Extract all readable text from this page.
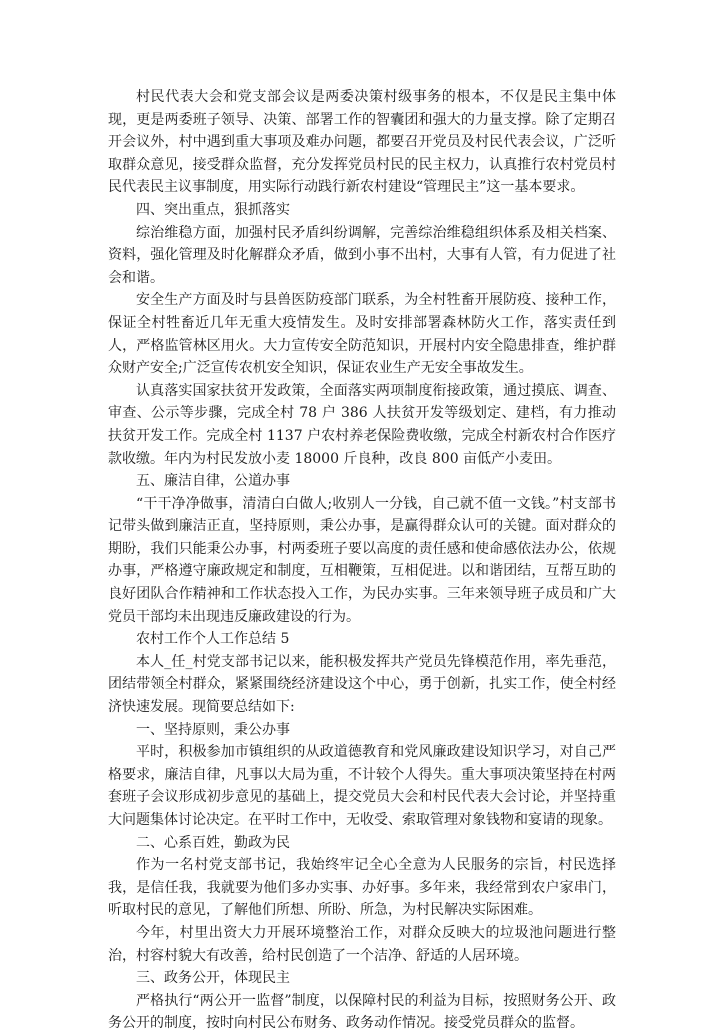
村民代表大会和党支部会议是两委决策村级事务的根本，不仅是民主集中体现，更是两委班子领导、决策、部署工作的智囊团和强大的力量支撑。除了定期召开会议外，村中遇到重大事项及难办问题，都要召开党员及村民代表会议，广泛听取群众意见，接受群众监督，充分发挥党员村民的民主权力，认真推行农村党员村民代表民主议事制度，用实际行动践行新农村建设“管理民主”这一基本要求。

四、突出重点，狠抓落实

综治维稳方面，加强村民矛盾纠纷调解，完善综治维稳组织体系及相关档案、资料，强化管理及时化解群众矛盾，做到小事不出村，大事有人管，有力促进了社会和谐。

安全生产方面及时与县兽医防疫部门联系，为全村牲畜开展防疫、接种工作，保证全村牲畜近几年无重大疫情发生。及时安排部署森林防火工作，落实责任到人，严格监管林区用火。大力宣传安全防范知识，开展村内安全隐患排查，维护群众财产安全;广泛宣传农机安全知识，保证农业生产无安全事故发生。

认真落实国家扶贫开发政策，全面落实两项制度衔接政策，通过摸底、调查、审查、公示等步骤，完成全村 78 户 386 人扶贫开发等级划定、建档，有力推动扶贫开发工作。完成全村 1137 户农村养老保险费收缴，完成全村新农村合作医疗款收缴。年内为村民发放小麦 18000 斤良种，改良 800 亩低产小麦田。

五、廉洁自律，公道办事

“干干净净做事，清清白白做人;收别人一分钱，自己就不值一文钱。”村支部书记带头做到廉洁正直，坚持原则，秉公办事，是赢得群众认可的关键。面对群众的期盼，我们只能秉公办事，村两委班子要以高度的责任感和使命感依法办公，依规办事，严格遵守廉政规定和制度，互相鞭策，互相促进。以和谐团结，互帮互助的良好团队合作精神和工作状态投入工作，为民办实事。三年来领导班子成员和广大党员干部均未出现违反廉政建设的行为。

农村工作个人工作总结 5

本人_任_村党支部书记以来，能积极发挥共产党员先锋模范作用，率先垂范，团结带领全村群众，紧紧围绕经济建设这个中心，勇于创新，扎实工作，使全村经济快速发展。现简要总结如下:

一、坚持原则，秉公办事

平时，积极参加市镇组织的从政道德教育和党风廉政建设知识学习，对自己严格要求，廉洁自律，凡事以大局为重，不计较个人得失。重大事项决策坚持在村两套班子会议形成初步意见的基础上，提交党员大会和村民代表大会讨论，并坚持重大问题集体讨论决定。在平时工作中，无收受、索取管理对象钱物和宴请的现象。

二、心系百姓，勤政为民

作为一名村党支部书记，我始终牢记全心全意为人民服务的宗旨，村民选择我，是信任我，我就要为他们多办实事、办好事。多年来，我经常到农户家串门，听取村民的意见，了解他们所想、所盼、所急，为村民解决实际困难。

今年，村里出资大力开展环境整治工作，对群众反映大的垃圾池问题进行整治，村容村貌大有改善，给村民创造了一个洁净、舒适的人居环境。

三、政务公开，体现民主

严格执行“两公开一监督”制度，以保障村民的利益为目标，按照财务公开、政务公开的制度，按时向村民公布财务、政务动作情况。接受党员群众的监督。
